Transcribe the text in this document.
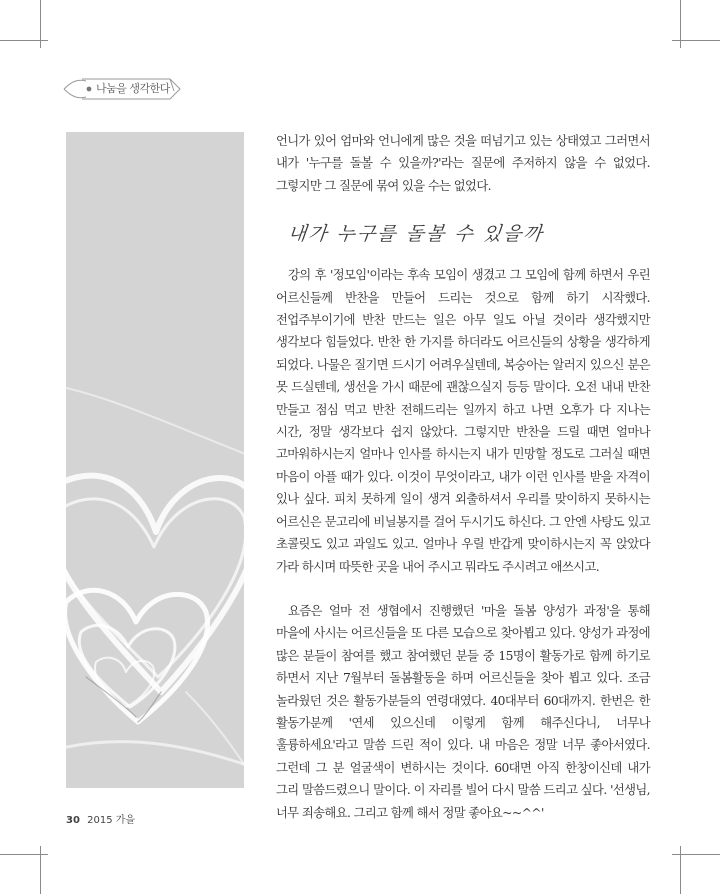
나눔을 생각한다

언니가 있어 엄마와 언니에게 많은 것을 떠넘기고 있는 상태였고 그러면서 내가 '누구를 돌볼 수 있을까?'라는 질문에 주저하지 않을 수 없었다. 그렇지만 그 질문에 묶여 있을 수는 없었다.

내가 누구를 돌볼 수 있을까

강의 후 '정모임'이라는 후속 모임이 생겼고 그 모임에 함께 하면서 우린 어르신들께 반찬을 만들어 드리는 것으로 함께 하기 시작했다. 전업주부이기에 반찬 만드는 일은 아무 일도 아닐 것이라 생각했지만 생각보다 힘들었다. 반찬 한 가지를 하더라도 어르신들의 상황을 생각하게 되었다. 나물은 질기면 드시기 어려우실텐데, 복숭아는 알러지 있으신 분은 못 드실텐데, 생선을 가시 때문에 괜찮으실지 등등 말이다. 오전 내내 반찬 만들고 점심 먹고 반찬 전해드리는 일까지 하고 나면 오후가 다 지나는 시간, 정말 생각보다 쉽지 않았다. 그렇지만 반찬을 드릴 때면 얼마나 고마워하시는지 얼마나 인사를 하시는지 내가 민망할 정도로 그러실 때면 마음이 아플 때가 있다. 이것이 무엇이라고, 내가 이런 인사를 받을 자격이 있나 싶다. 피치 못하게 일이 생겨 외출하셔서 우리를 맞이하지 못하시는 어르신은 문고리에 비닐봉지를 걸어 두시기도 하신다. 그 안엔 사탕도 있고 초콜릿도 있고 과일도 있고. 얼마나 우릴 반갑게 맞이하시는지 꼭 앉았다 가라 하시며 따뜻한 곳을 내어 주시고 뭐라도 주시려고 애쓰시고.

요즘은 얼마 전 생협에서 진행했던 '마을 돌봄 양성가 과정'을 통해 마을에 사시는 어르신들을 또 다른 모습으로 찾아뵙고 있다. 양성가 과정에 많은 분들이 참여를 했고 참여했던 분들 중 15명이 활동가로 함께 하기로 하면서 지난 7월부터 돌봄활동을 하며 어르신들을 찾아 뵙고 있다. 조금 놀라웠던 것은 활동가분들의 연령대였다. 40대부터 60대까지. 한번은 한 활동가분께 '연세 있으신데 이렇게 함께 해주신다니, 너무나 훌륭하세요'라고 말씀 드린 적이 있다. 내 마음은 정말 너무 좋아서였다. 그런데 그 분 얼굴색이 변하시는 것이다. 60대면 아직 한창이신데 내가 그리 말씀드렸으니 말이다. 이 자리를 빌어 다시 말씀 드리고 싶다. '선생님, 너무 죄송해요. 그리고 함께 해서 정말 좋아요~~^^'

30 2015 가을
